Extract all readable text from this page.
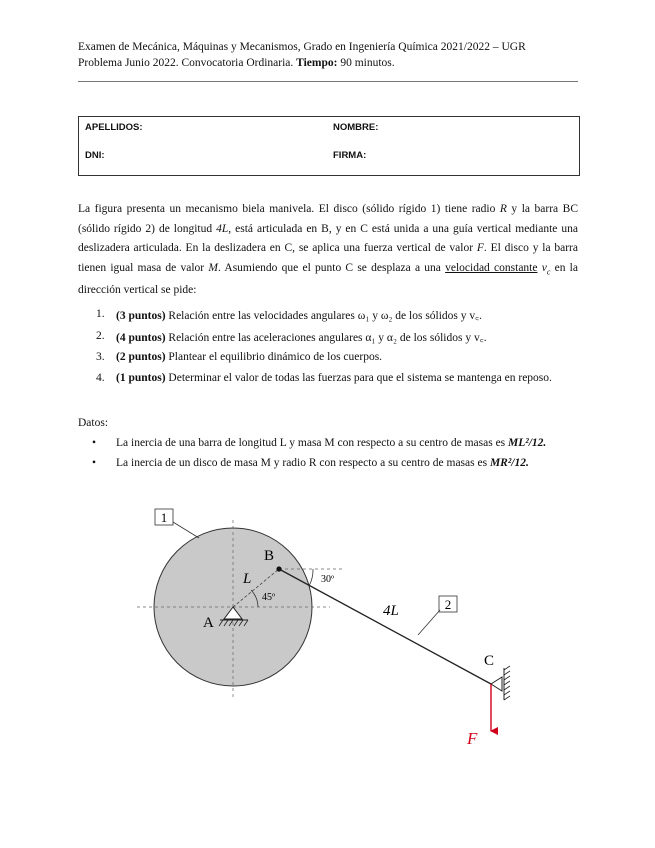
Examen de Mecánica, Máquinas y Mecanismos, Grado en Ingeniería Química 2021/2022 – UGR
Problema Junio 2022. Convocatoria Ordinaria. Tiempo: 90 minutos.
APELLIDOS:	NOMBRE:
DNI:	FIRMA:

La figura presenta un mecanismo biela manivela. El disco (sólido rígido 1) tiene radio R y la barra BC (sólido rígido 2) de longitud 4L, está articulada en B, y en C está unida a una guía vertical mediante una deslizadera articulada. En la deslizadera en C, se aplica una fuerza vertical de valor F. El disco y la barra tienen igual masa de valor M. Asumiendo que el punto C se desplaza a una velocidad constante $v_c$ en la dirección vertical se pide:

1. (3 puntos) Relación entre las velocidades angulares ω₁ y ω₂ de los sólidos y v꜀.
2. (4 puntos) Relación entre las aceleraciones angulares α₁ y α₂ de los sólidos y v꜀.
3. (2 puntos) Plantear el equilibrio dinámico de los cuerpos.
4. (1 puntos) Determinar el valor de todas las fuerzas para que el sistema se mantenga en reposo.
Datos:
• La inercia de una barra de longitud L y masa M con respecto a su centro de masas es ML²/12.
• La inercia de un disco de masa M y radio R con respecto a su centro de masas es MR²/12.
1
2
A
B
C
L
4L
45º
30º
F
